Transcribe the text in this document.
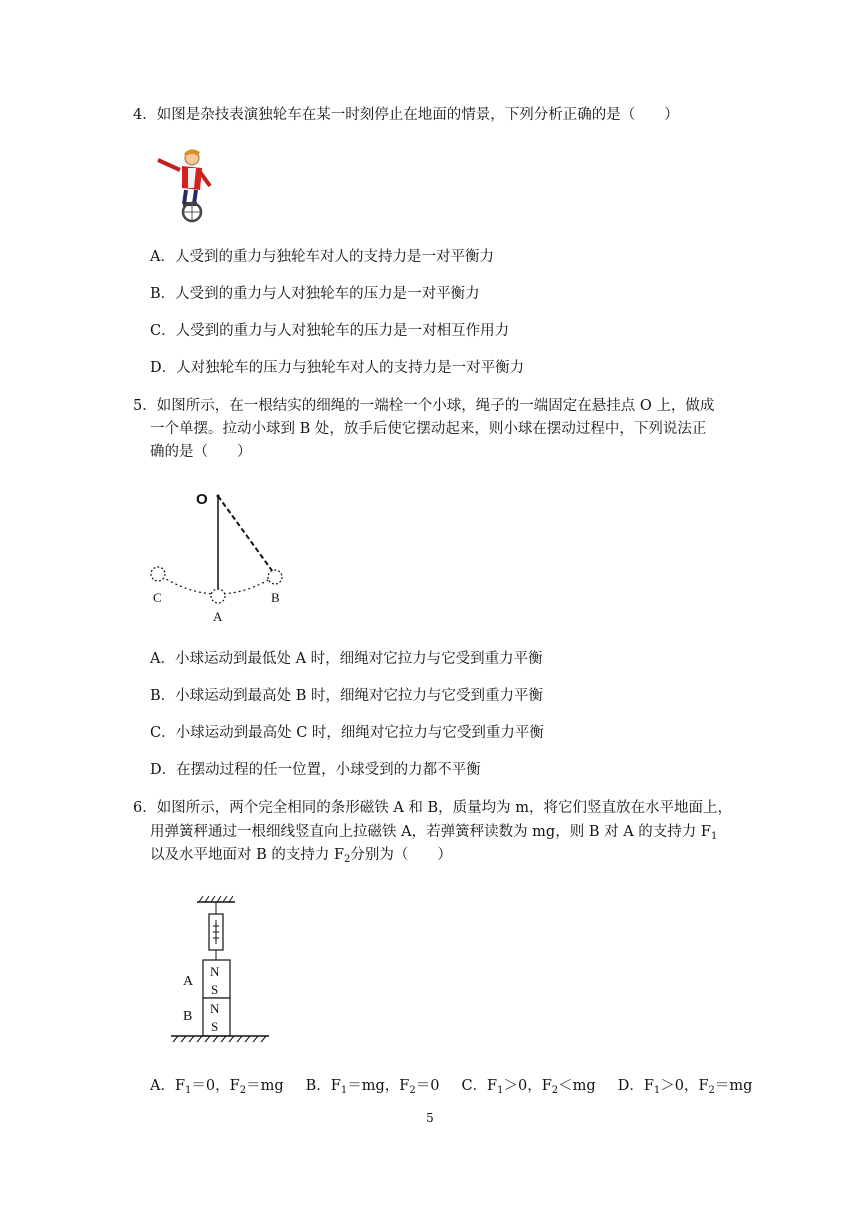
4．如图是杂技表演独轮车在某一时刻停止在地面的情景，下列分析正确的是（　　）
A．人受到的重力与独轮车对人的支持力是一对平衡力
B．人受到的重力与人对独轮车的压力是一对平衡力
C．人受到的重力与人对独轮车的压力是一对相互作用力
D．人对独轮车的压力与独轮车对人的支持力是一对平衡力
5．如图所示，在一根结实的细绳的一端栓一个小球，绳子的一端固定在悬挂点 O 上，做成
一个单摆。拉动小球到 B 处，放手后使它摆动起来，则小球在摆动过程中，下列说法正
确的是（　　）
O
C
A
B
A．小球运动到最低处 A 时，细绳对它拉力与它受到重力平衡
B．小球运动到最高处 B 时，细绳对它拉力与它受到重力平衡
C．小球运动到最高处 C 时，细绳对它拉力与它受到重力平衡
D．在摆动过程的任一位置，小球受到的力都不平衡
6．如图所示，两个完全相同的条形磁铁 A 和 B，质量均为 m，将它们竖直放在水平地面上，
用弹簧秤通过一根细线竖直向上拉磁铁 A，若弹簧秤读数为 mg，则 B 对 A 的支持力 $F_1$
以及水平地面对 B 的支持力 $F_2$分别为（　　）
N
S
N
S
A
B
A．$F_1=0$，$F_2=mg$ B．$F_1=mg$，$F_2=0$ C．$F_1>0$，$F_2<mg$ D．$F_1>0$，$F_2=mg$
5
